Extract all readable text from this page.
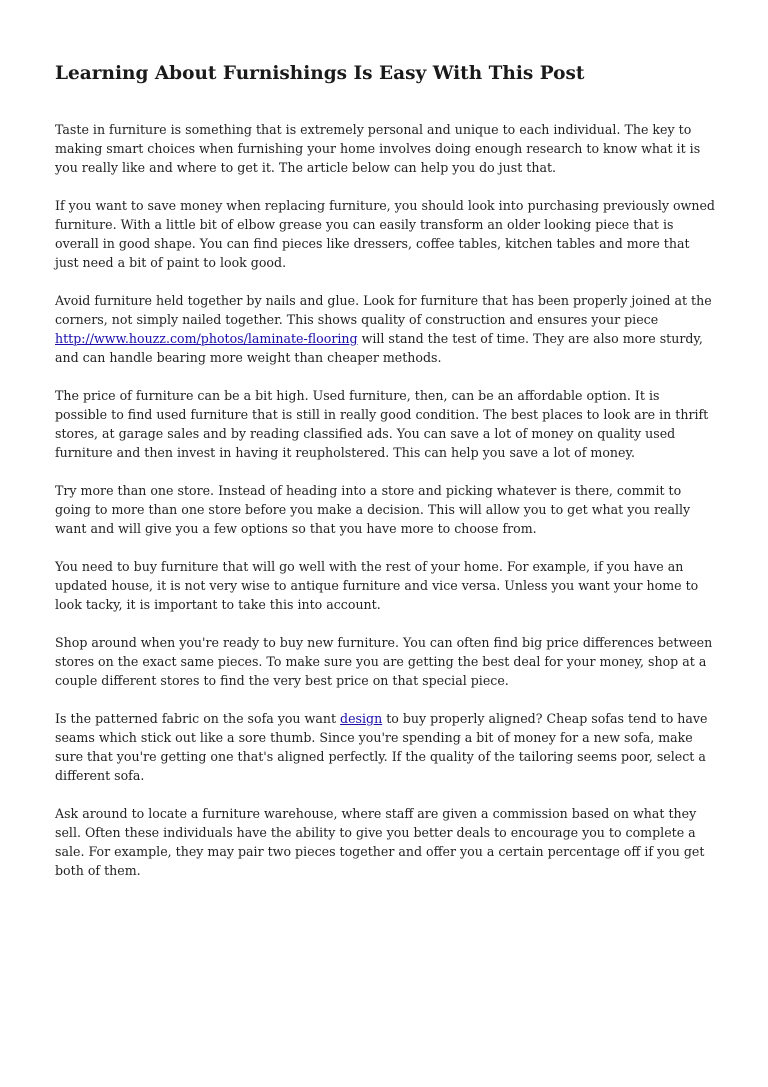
Learning About Furnishings Is Easy With This Post

Taste in furniture is something that is extremely personal and unique to each individual. The key to making smart choices when furnishing your home involves doing enough research to know what it is you really like and where to get it. The article below can help you do just that.

If you want to save money when replacing furniture, you should look into purchasing previously owned furniture. With a little bit of elbow grease you can easily transform an older looking piece that is overall in good shape. You can find pieces like dressers, coffee tables, kitchen tables and more that just need a bit of paint to look good.

Avoid furniture held together by nails and glue. Look for furniture that has been properly joined at the corners, not simply nailed together. This shows quality of construction and ensures your piece http://www.houzz.com/photos/laminate-flooring will stand the test of time. They are also more sturdy, and can handle bearing more weight than cheaper methods.

The price of furniture can be a bit high. Used furniture, then, can be an affordable option. It is possible to find used furniture that is still in really good condition. The best places to look are in thrift stores, at garage sales and by reading classified ads. You can save a lot of money on quality used furniture and then invest in having it reupholstered. This can help you save a lot of money.

Try more than one store. Instead of heading into a store and picking whatever is there, commit to going to more than one store before you make a decision. This will allow you to get what you really want and will give you a few options so that you have more to choose from.

You need to buy furniture that will go well with the rest of your home. For example, if you have an updated house, it is not very wise to antique furniture and vice versa. Unless you want your home to look tacky, it is important to take this into account.

Shop around when you're ready to buy new furniture. You can often find big price differences between stores on the exact same pieces. To make sure you are getting the best deal for your money, shop at a couple different stores to find the very best price on that special piece.

Is the patterned fabric on the sofa you want design to buy properly aligned? Cheap sofas tend to have seams which stick out like a sore thumb. Since you're spending a bit of money for a new sofa, make sure that you're getting one that's aligned perfectly. If the quality of the tailoring seems poor, select a different sofa.

Ask around to locate a furniture warehouse, where staff are given a commission based on what they sell. Often these individuals have the ability to give you better deals to encourage you to complete a sale. For example, they may pair two pieces together and offer you a certain percentage off if you get both of them.
